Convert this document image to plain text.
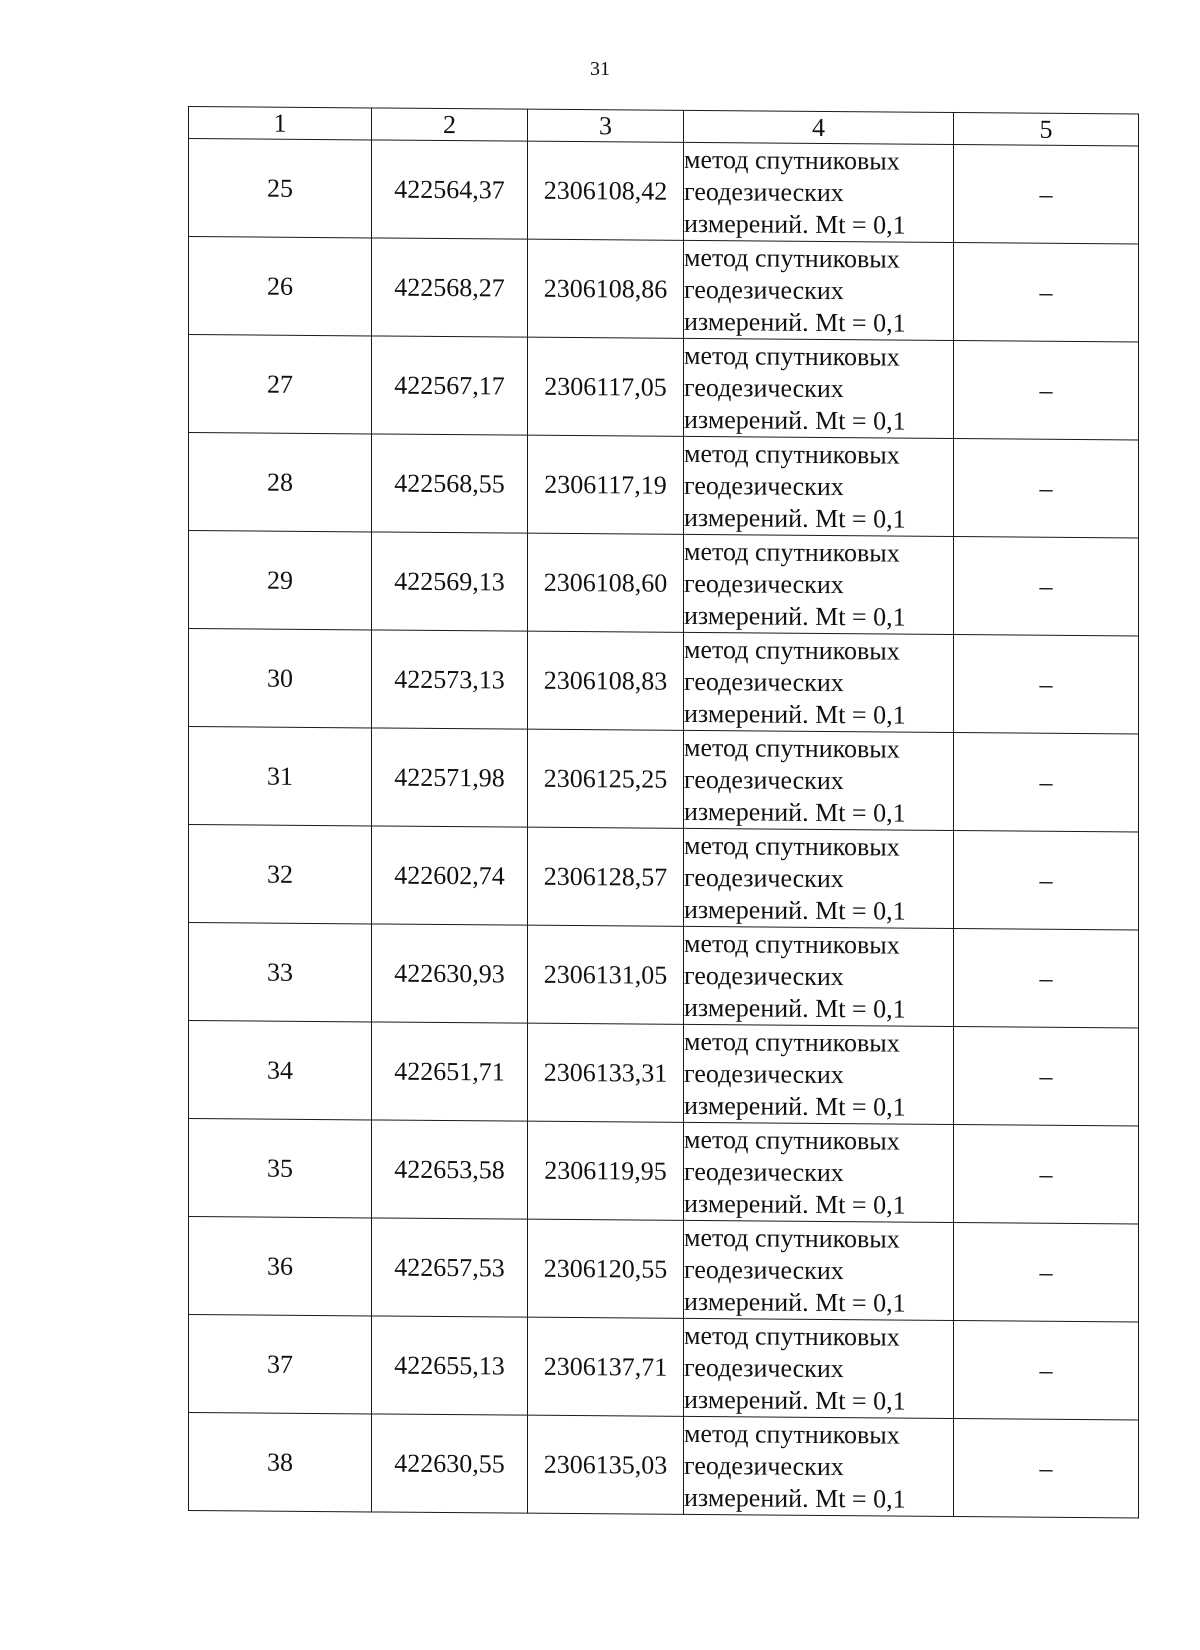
31
1	2	3	4	5
25	422564,37	2306108,42	метод спутниковых
геодезических
измерений. Mt = 0,1	–
26	422568,27	2306108,86	метод спутниковых
геодезических
измерений. Mt = 0,1	–
27	422567,17	2306117,05	метод спутниковых
геодезических
измерений. Mt = 0,1	–
28	422568,55	2306117,19	метод спутниковых
геодезических
измерений. Mt = 0,1	–
29	422569,13	2306108,60	метод спутниковых
геодезических
измерений. Mt = 0,1	–
30	422573,13	2306108,83	метод спутниковых
геодезических
измерений. Mt = 0,1	–
31	422571,98	2306125,25	метод спутниковых
геодезических
измерений. Mt = 0,1	–
32	422602,74	2306128,57	метод спутниковых
геодезических
измерений. Mt = 0,1	–
33	422630,93	2306131,05	метод спутниковых
геодезических
измерений. Mt = 0,1	–
34	422651,71	2306133,31	метод спутниковых
геодезических
измерений. Mt = 0,1	–
35	422653,58	2306119,95	метод спутниковых
геодезических
измерений. Mt = 0,1	–
36	422657,53	2306120,55	метод спутниковых
геодезических
измерений. Mt = 0,1	–
37	422655,13	2306137,71	метод спутниковых
геодезических
измерений. Mt = 0,1	–
38	422630,55	2306135,03	метод спутниковых
геодезических
измерений. Mt = 0,1	–
